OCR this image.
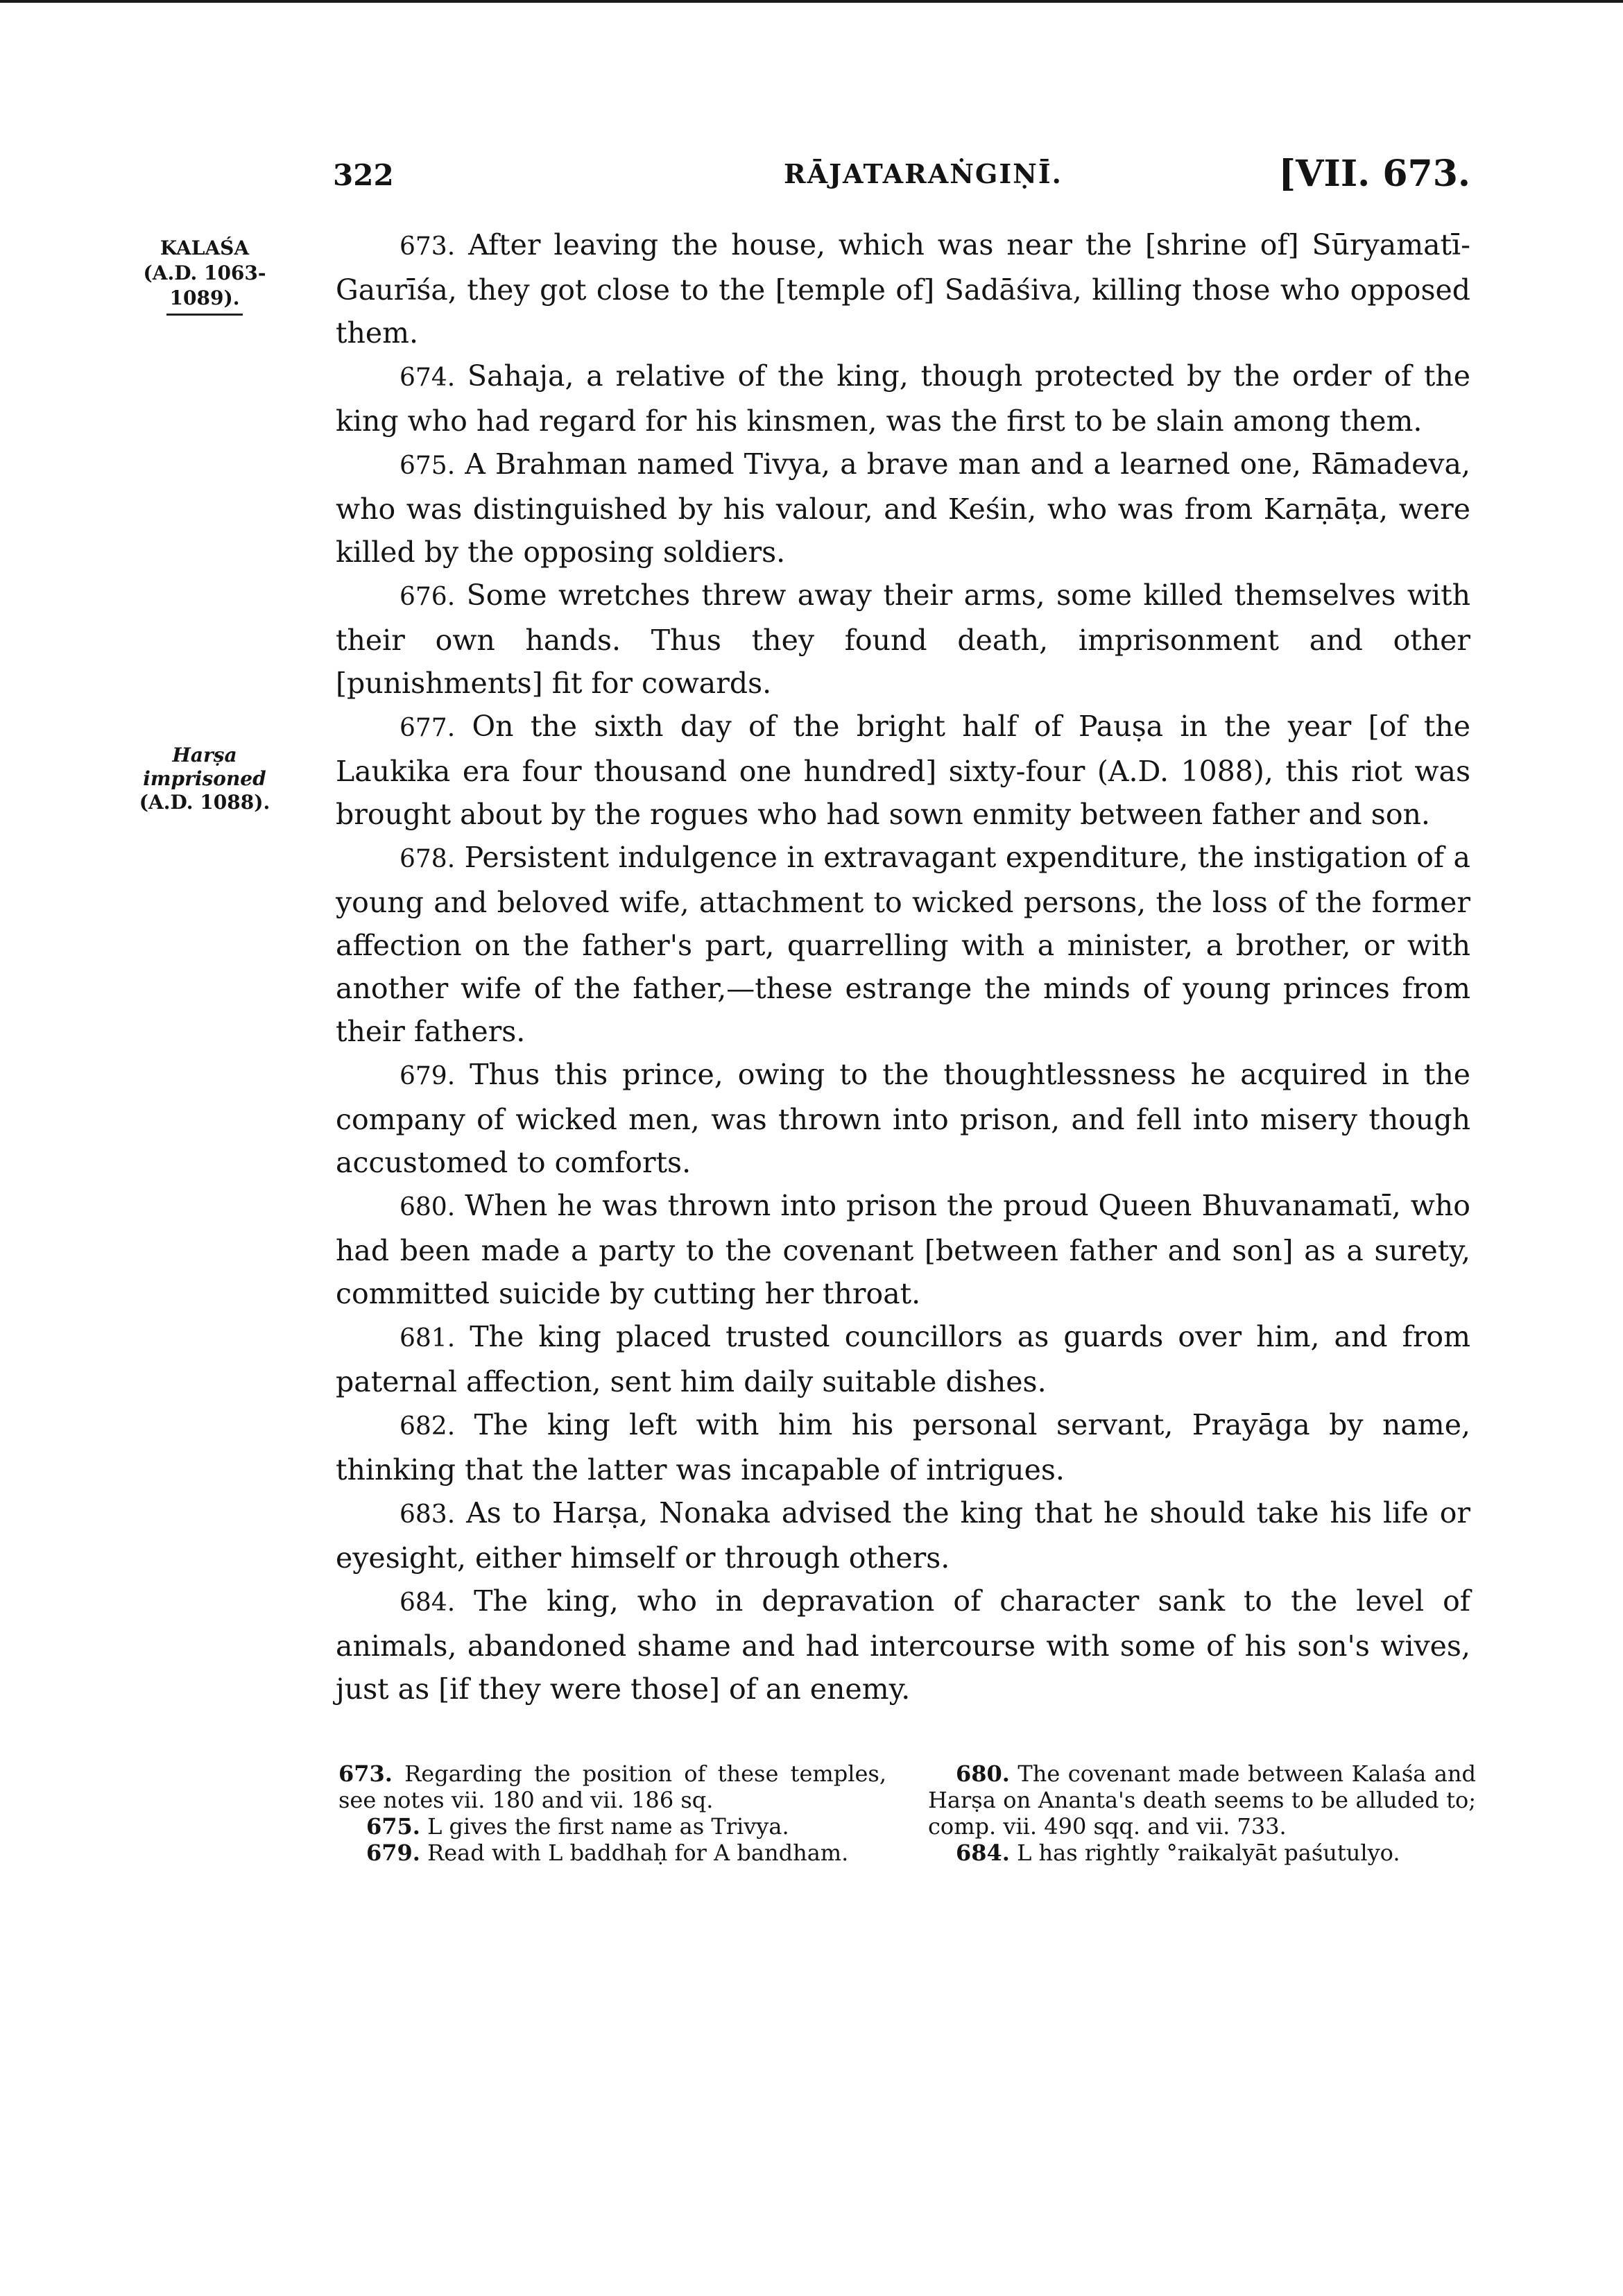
322	RĀJATARAṄGIṆĪ.	[VII. 673.
KALAŚA
(A.D. 1063-1089).
Harṣa imprisoned
(A.D. 1088).

673. After leaving the house, which was near the [shrine of] Sūryamatī-Gaurīśa, they got close to the [temple of] Sadāśiva, killing those who opposed them.

674. Sahaja, a relative of the king, though protected by the order of the king who had regard for his kinsmen, was the first to be slain among them.

675. A Brahman named Tivya, a brave man and a learned one, Rāmadeva, who was distinguished by his valour, and Keśin, who was from Karṇāṭa, were killed by the opposing soldiers.

676. Some wretches threw away their arms, some killed themselves with their own hands. Thus they found death, imprisonment and other [punishments] fit for cowards.

677. On the sixth day of the bright half of Pauṣa in the year [of the Laukika era four thousand one hundred] sixty-four (A.D. 1088), this riot was brought about by the rogues who had sown enmity between father and son.

678. Persistent indulgence in extravagant expenditure, the instigation of a young and beloved wife, attachment to wicked persons, the loss of the former affection on the father's part, quarrelling with a minister, a brother, or with another wife of the father,—these estrange the minds of young princes from their fathers.

679. Thus this prince, owing to the thoughtlessness he acquired in the company of wicked men, was thrown into prison, and fell into misery though accustomed to comforts.

680. When he was thrown into prison the proud Queen Bhuvanamatī, who had been made a party to the covenant [between father and son] as a surety, committed suicide by cutting her throat.

681. The king placed trusted councillors as guards over him, and from paternal affection, sent him daily suitable dishes.

682. The king left with him his personal servant, Prayāga by name, thinking that the latter was incapable of intrigues.

683. As to Harṣa, Nonaka advised the king that he should take his life or eyesight, either himself or through others.

684. The king, who in depravation of character sank to the level of animals, abandoned shame and had intercourse with some of his son's wives, just as [if they were those] of an enemy.

673. Regarding the position of these temples, see notes vii. 180 and vii. 186 sq.

675. L gives the first name as Trivya.

679. Read with L baddhaḥ for A bandham.

680. The covenant made between Kalaśa and Harṣa on Ananta's death seems to be alluded to; comp. vii. 490 sqq. and vii. 733.

684. L has rightly °raikalyāt paśutulyo.
